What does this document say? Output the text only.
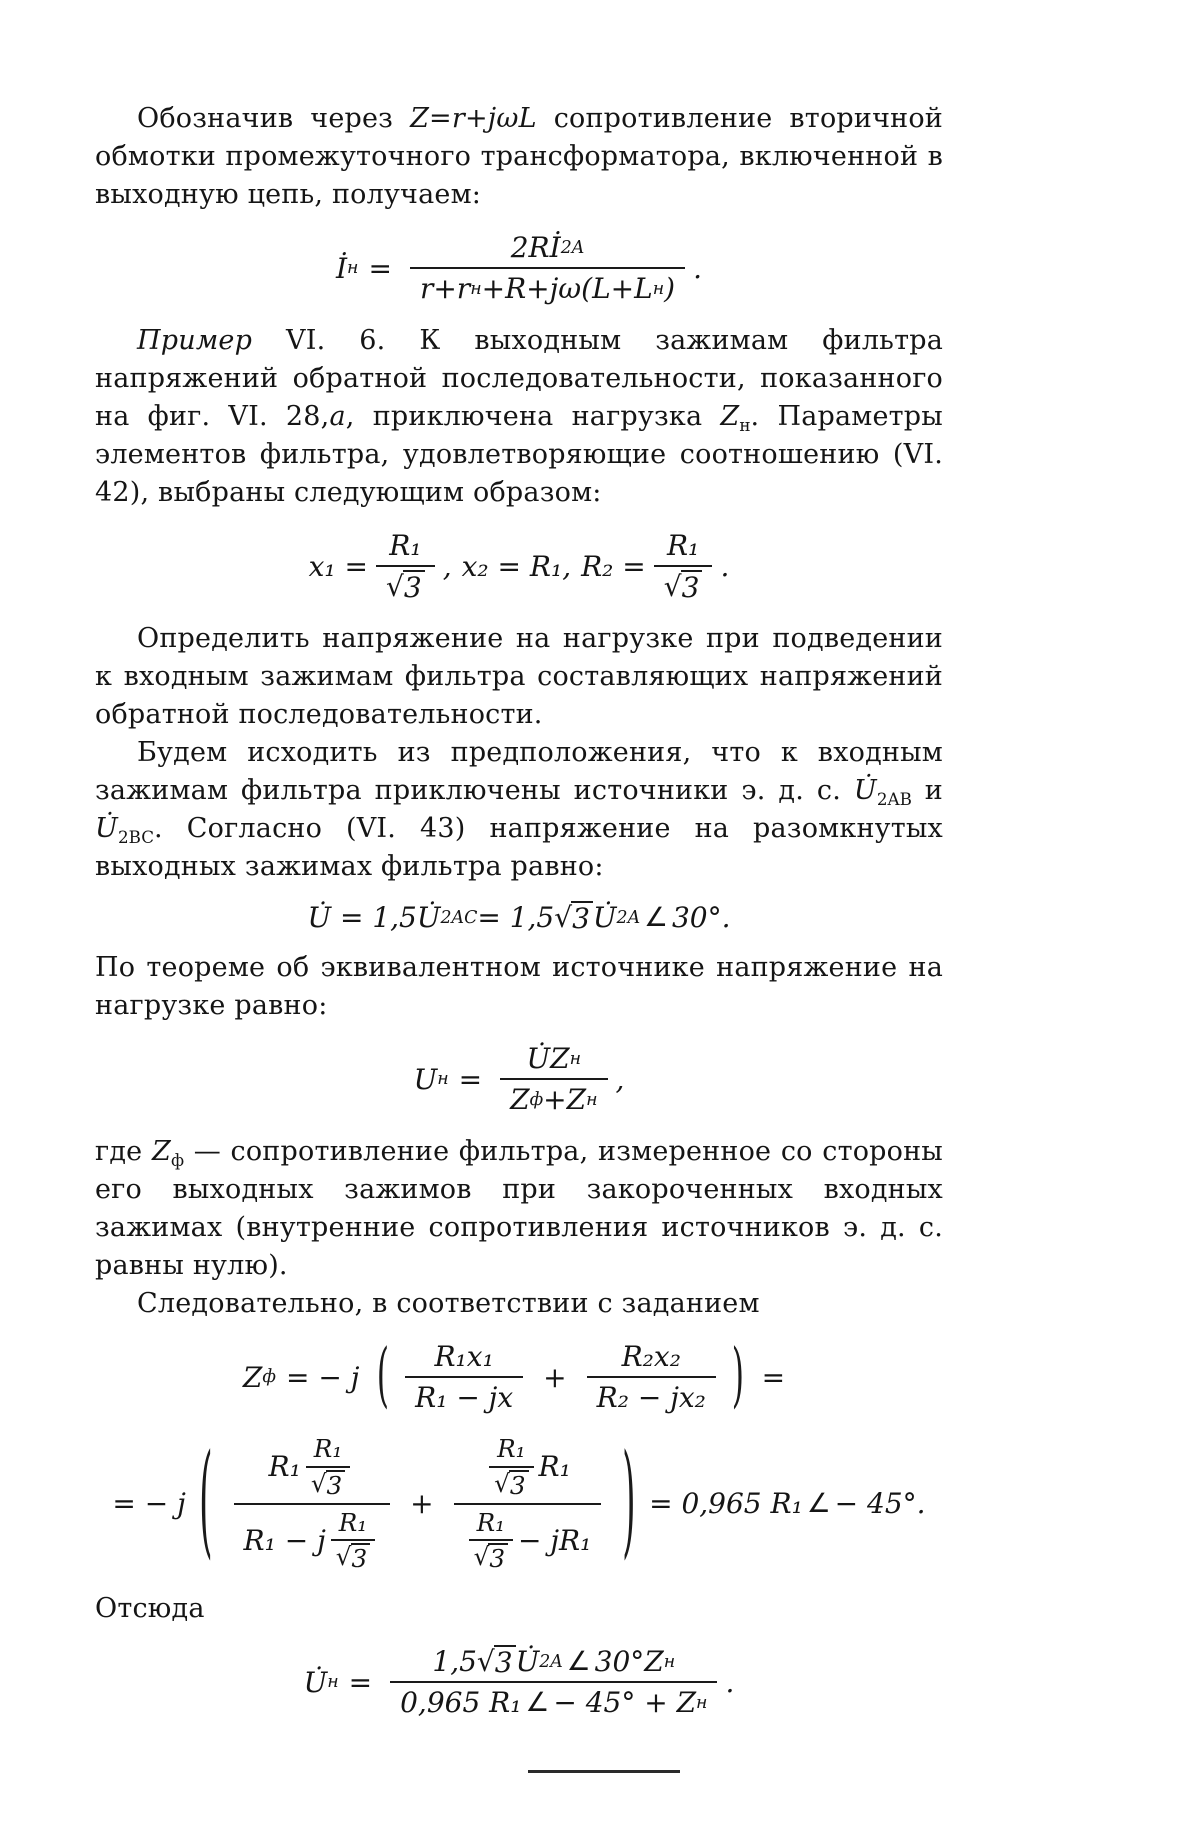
Обозначив через Z=r+jωL сопротивление вторичной обмотки промежуточного трансформатора, включенной в выходную цепь, получаем:

İ $н = \frac{2Rİ 2A}{\text{r+r н +R+jω(L+L н )}}$ .

Пример VI. 6. К выходным зажимам фильтра напряжений обратной последовательности, показанного на фиг. VI. 28,а, приключена нагрузка $Z_н$. Параметры элементов фильтра, удовлетворяющие соотношению (VI. 42), выбраны следующим образом:

$x_1 = \frac{\text{R₁}}{√ 3}$ , x₂ = R₁, $R_2 = \frac{\text{R₁}}{√ 3}$ .

Определить напряжение на нагрузке при подведении к входным зажимам фильтра составляющих напряжений обратной последовательности.

Будем исходить из предположения, что к входным зажимам фильтра приключены источники э. д. с. $U̇_{2AB}$ и $U̇_{2BC}$. Согласно (VI. 43) напряжение на разомкнутых выходных зажимах фильтра равно:

U̇ = 1,5U̇ 2AC = 1,5 √ 3 U̇ 2A ∠ 30° .

По теореме об эквивалентном источнике напряжение на нагрузке равно:

U $н = \frac{\text{U̇Z н}}{\text{Z ф +Z н}}$ ,

где $Z_ф$ — сопротивление фильтра, измеренное со стороны его выходных зажимов при закороченных входных зажимах (внутренние сопротивления источников э. д. с. равны нулю).

Следовательно, в соответствии с заданием

Z ф = − j ( $\frac{\text{R₁x₁}}{\text{R₁ − jx}} + \frac{\text{R₂x₂}}{\text{R₂ − jx₂}}$ ) =
= − j ( $\frac{R_1 \frac{\text{R₁}}{√ 3}}{R_1 - j \frac{\text{R₁}}{√ 3}} + \frac{\frac{\text{R₁}}{√ 3} R_1}{\frac{\text{R₁}}{√ 3} - jR_1}$ ) = 0,965 R₁ ∠ − 45° .

Отсюда

U̇ $н = \frac{\text{1,5 √ 3 U̇ 2A ∠ 30° Z н}}{\text{0,965 R₁ ∠ − 45° + Z н}}$ .
